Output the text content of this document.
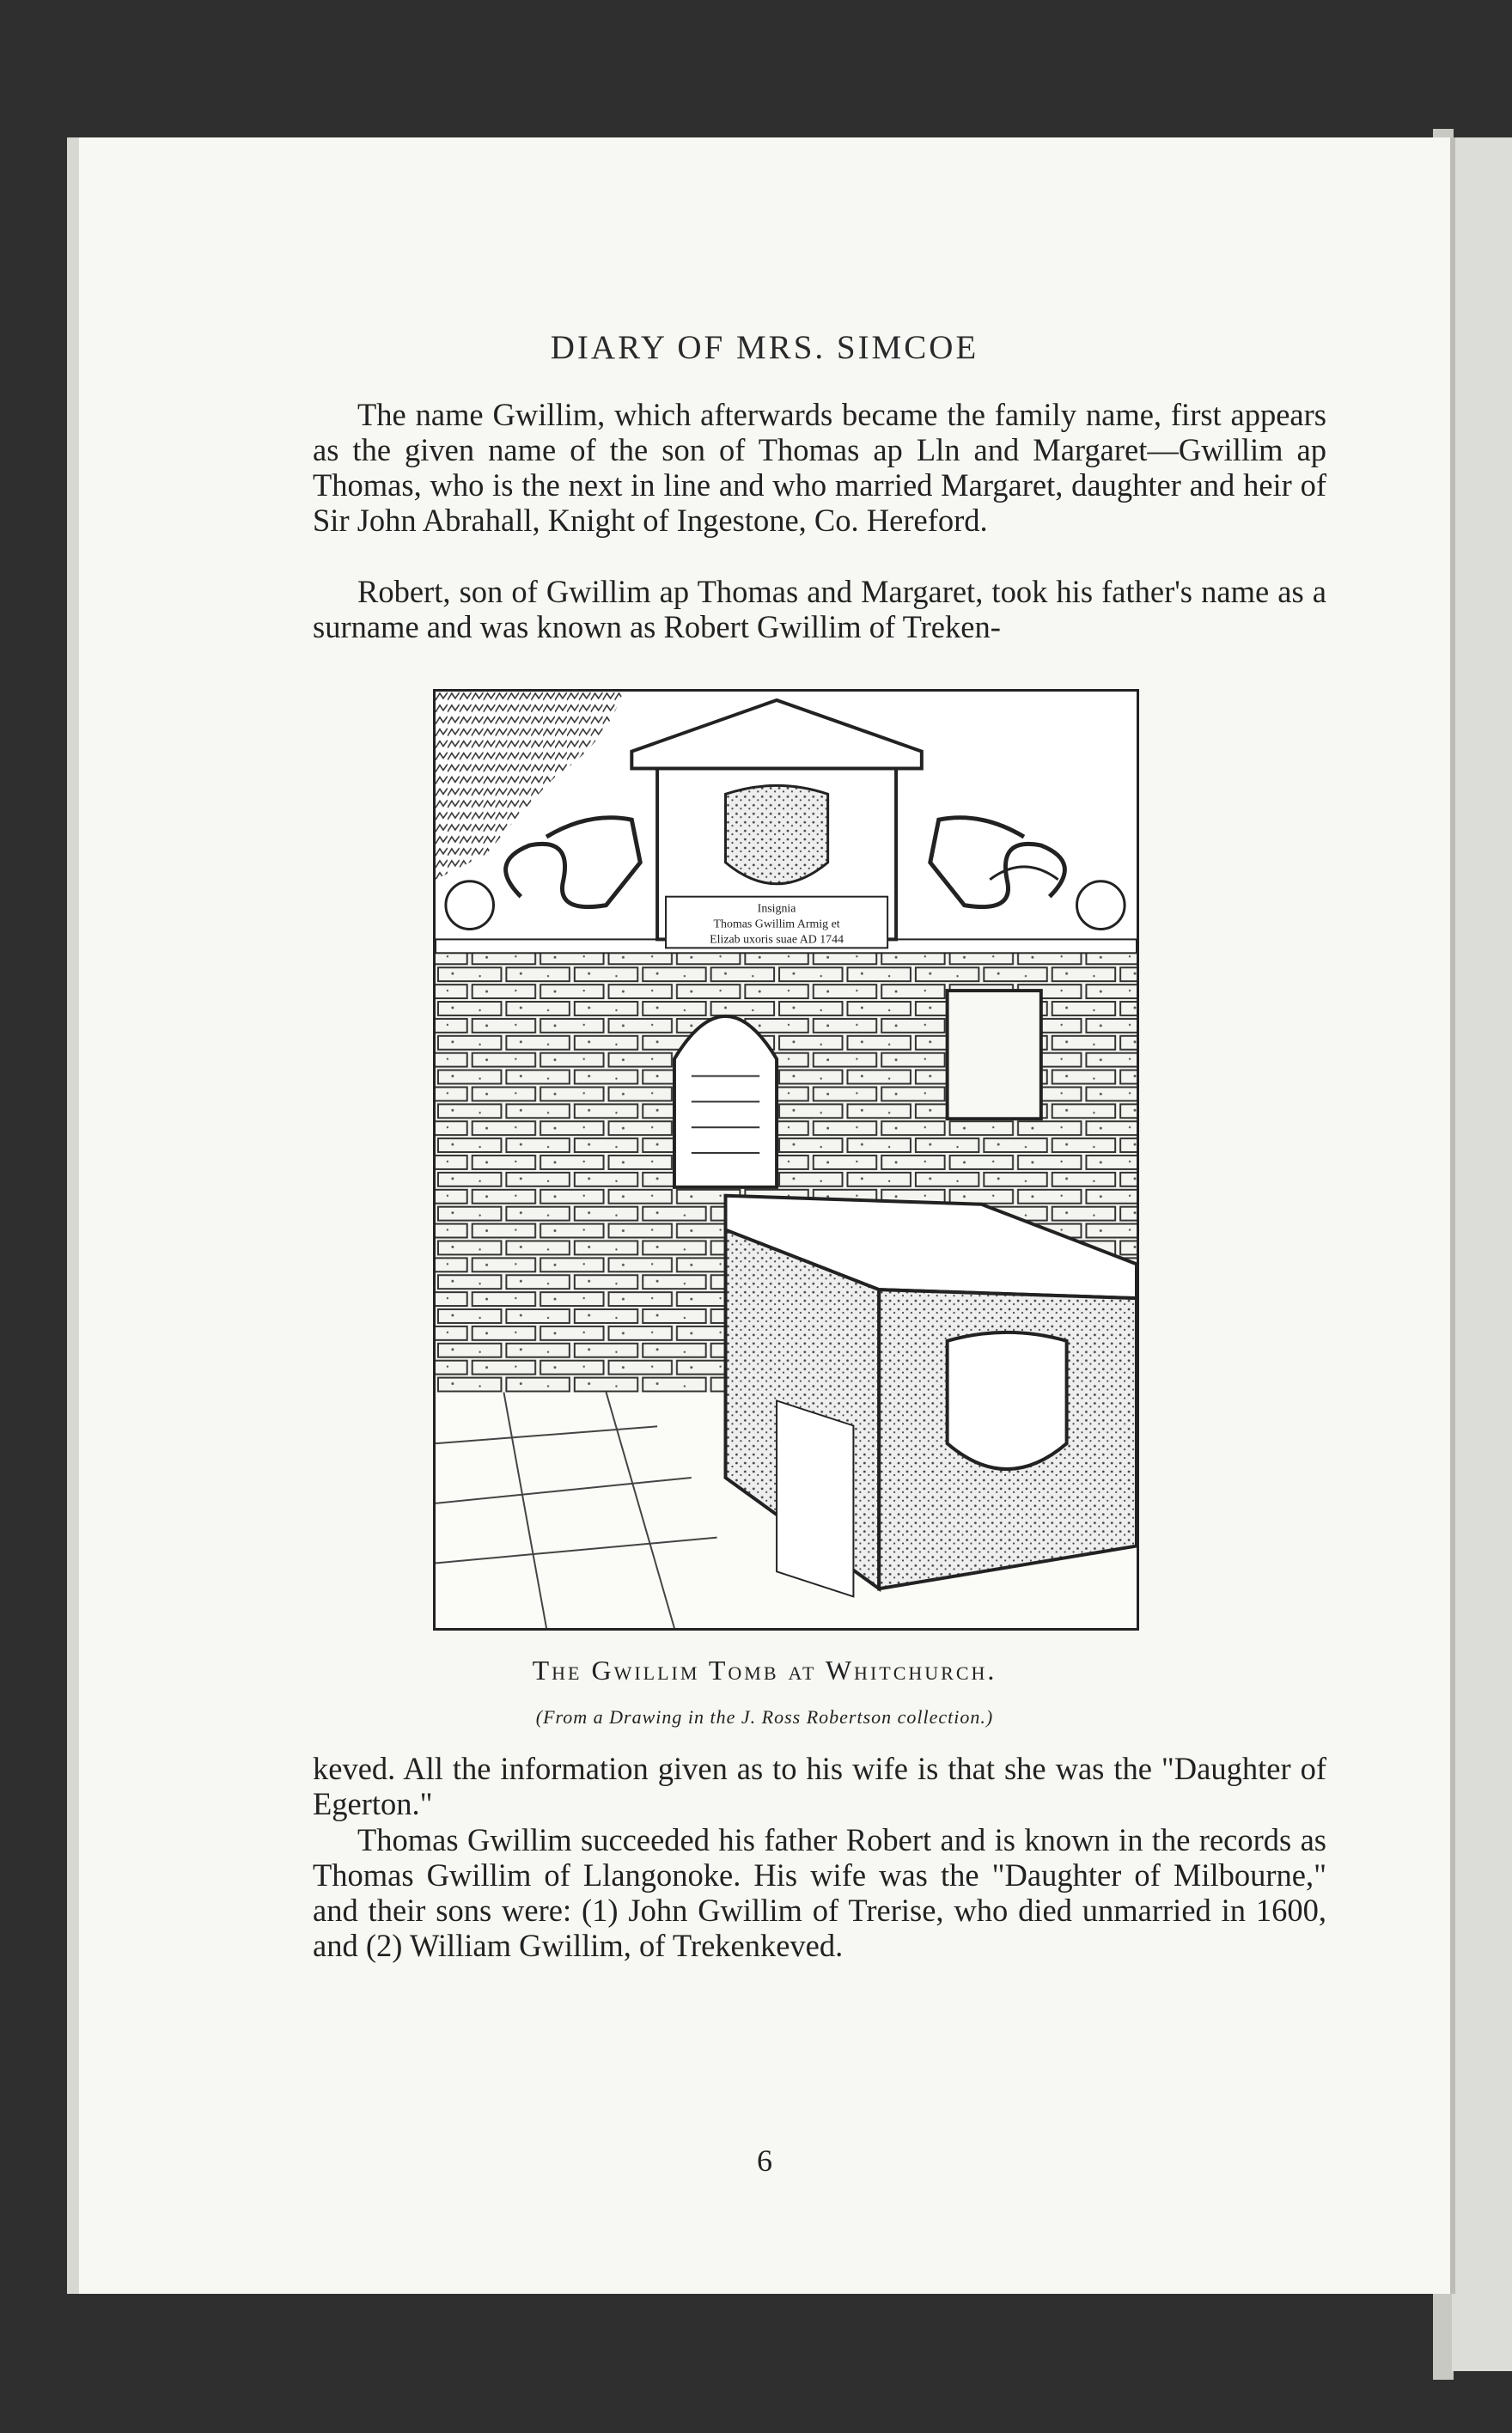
DIARY OF MRS. SIMCOE

The name Gwillim, which afterwards became the family name, first appears as the given name of the son of Thomas ap Lln and Margaret—Gwillim ap Thomas, who is the next in line and who married Margaret, daughter and heir of Sir John Abrahall, Knight of Ingestone, Co. Hereford.

Robert, son of Gwillim ap Thomas and Margaret, took his father's name as a surname and was known as Robert Gwillim of Treken-

Insignia
Thomas Gwillim Armig et
Elizab uxoris suae AD 1744
The Gwillim Tomb at Whitchurch.
(From a Drawing in the J. Ross Robertson collection.)

keved. All the information given as to his wife is that she was the "Daughter of Egerton."

Thomas Gwillim succeeded his father Robert and is known in the records as Thomas Gwillim of Llangonoke. His wife was the "Daughter of Milbourne," and their sons were: (1) John Gwillim of Trerise, who died unmarried in 1600, and (2) William Gwillim, of Trekenkeved.

6
